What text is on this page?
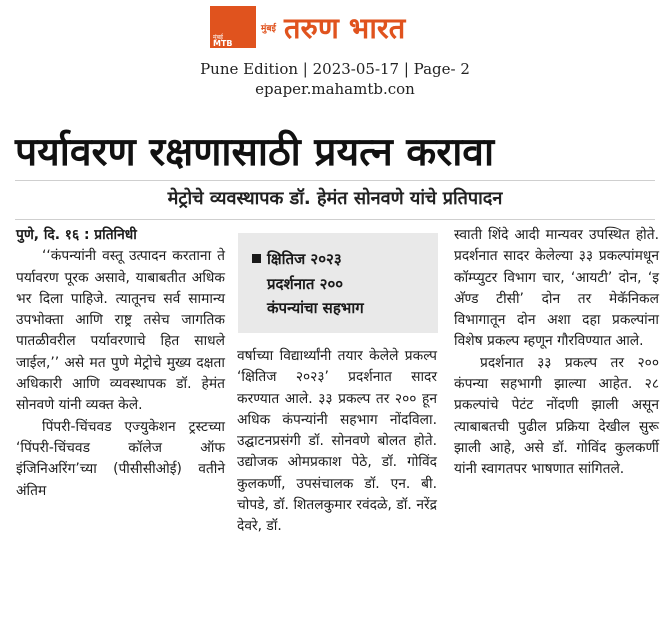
मुंबई
MTB
मुंबई तरुण भारत
Pune Edition | 2023-05-17 | Page- 2
epaper.mahamtb.con
पर्यावरण रक्षणासाठी प्रयत्न करावा
मेट्रोचे व्यवस्थापक डॉ. हेमंत सोनवणे यांचे प्रतिपादन

पुणे, दि. १६ : प्रतिनिधी

‘‘कंपन्यांनी वस्तू उत्पादन करताना ते पर्यावरण पूरक असावे, याबाबतीत अधिक भर दिला पाहिजे. त्यातूनच सर्व सामान्य उपभोक्ता आणि राष्ट्र तसेच जागतिक पातळीवरील पर्यावरणाचे हित साधले जाईल,’’ असे मत पुणे मेट्रोचे मुख्य दक्षता अधिकारी आणि व्यवस्थापक डॉ. हेमंत सोनवणे यांनी व्यक्त केले.

पिंपरी-चिंचवड एज्युकेशन ट्रस्टच्या ‘पिंपरी-चिंचवड कॉलेज ऑफ इंजिनिअरिंग’च्या (पीसीसीओई) वतीने अंतिम

क्षितिज २०२३
प्रदर्शनात २००
कंपन्यांचा सहभाग

वर्षाच्या विद्यार्थ्यांनी तयार केलेले प्रकल्प ‘क्षितिज २०२३’ प्रदर्शनात सादर करण्यात आले. ३३ प्रकल्प तर २०० हून अधिक कंपन्यांनी सहभाग नोंदविला. उद्घाटनप्रसंगी डॉ. सोनवणे बोलत होते. उद्योजक ओमप्रकाश पेठे, डॉ. गोविंद कुलकर्णी, उपसंचालक डॉ. एन. बी. चोपडे, डॉ. शितलकुमार रवंदळे, डॉ. नरेंद्र देवरे, डॉ.

स्वाती शिंदे आदी मान्यवर उपस्थित होते. प्रदर्शनात सादर केलेल्या ३३ प्रकल्पांमधून कॉम्प्युटर विभाग चार, ‘आयटी’ दोन, ‘इ अ‍ॅण्ड टीसी’ दोन तर मेकॅनिकल विभागातून दोन अशा दहा प्रकल्पांना विशेष प्रकल्प म्हणून गौरविण्यात आले.

प्रदर्शनात ३३ प्रकल्प तर २०० कंपन्या सहभागी झाल्या आहेत. २८ प्रकल्पांचे पेटंट नोंदणी झाली असून त्याबाबतची पुढील प्रक्रिया देखील सुरू झाली आहे, असे डॉ. गोविंद कुलकर्णी यांनी स्वागतपर भाषणात सांगितले.
